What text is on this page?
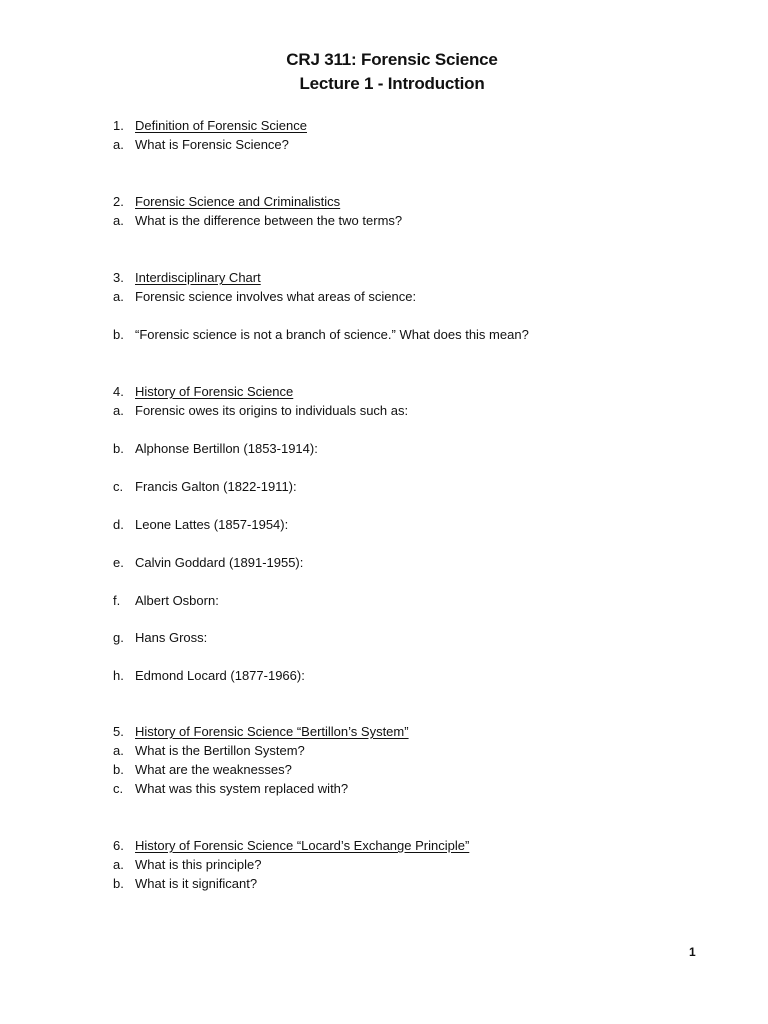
CRJ 311: Forensic Science
Lecture 1 - Introduction
1. Definition of Forensic Science
a. What is Forensic Science?
2. Forensic Science and Criminalistics
a. What is the difference between the two terms?
3. Interdisciplinary Chart
a. Forensic science involves what areas of science:
b. “Forensic science is not a branch of science.” What does this mean?
4. History of Forensic Science
a. Forensic owes its origins to individuals such as:
b. Alphonse Bertillon (1853-1914):
c. Francis Galton (1822-1911):
d. Leone Lattes (1857-1954):
e. Calvin Goddard (1891-1955):
f. Albert Osborn:
g. Hans Gross:
h. Edmond Locard (1877-1966):
5. History of Forensic Science “Bertillon’s System”
a. What is the Bertillon System?
b. What are the weaknesses?
c. What was this system replaced with?
6. History of Forensic Science “Locard’s Exchange Principle”
a. What is this principle?
b. What is it significant?
1
